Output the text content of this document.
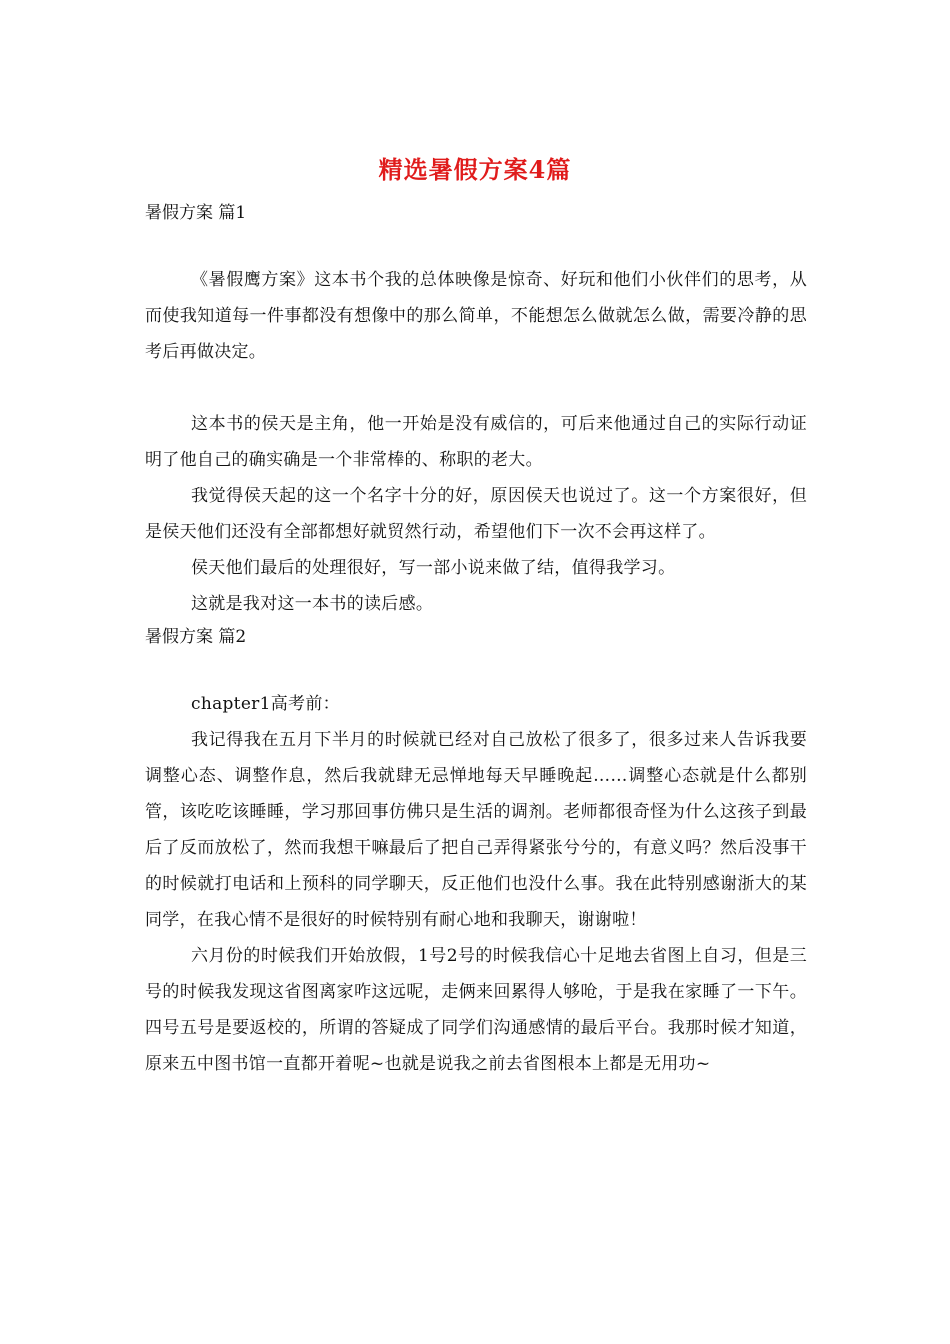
精选暑假方案4篇
暑假方案 篇1

《暑假鹰方案》这本书个我的总体映像是惊奇、好玩和他们小伙伴们的思考，从而使我知道每一件事都没有想像中的那么简单，不能想怎么做就怎么做，需要冷静的思考后再做决定。

这本书的侯天是主角，他一开始是没有威信的，可后来他通过自己的实际行动证明了他自己的确实确是一个非常棒的、称职的老大。

我觉得侯天起的这一个名字十分的好，原因侯天也说过了。这一个方案很好，但是侯天他们还没有全部都想好就贸然行动，希望他们下一次不会再这样了。

侯天他们最后的处理很好，写一部小说来做了结，值得我学习。

这就是我对这一本书的读后感。

暑假方案 篇2

chapter1高考前：

我记得我在五月下半月的时候就已经对自己放松了很多了，很多过来人告诉我要调整心态、调整作息，然后我就肆无忌惮地每天早睡晚起……调整心态就是什么都别管，该吃吃该睡睡，学习那回事仿佛只是生活的调剂。老师都很奇怪为什么这孩子到最后了反而放松了，然而我想干嘛最后了把自己弄得紧张兮兮的，有意义吗？然后没事干的时候就打电话和上预科的同学聊天，反正他们也没什么事。我在此特别感谢浙大的某同学，在我心情不是很好的时候特别有耐心地和我聊天，谢谢啦！

六月份的时候我们开始放假，1号2号的时候我信心十足地去省图上自习，但是三号的时候我发现这省图离家咋这远呢，走俩来回累得人够呛，于是我在家睡了一下午。四号五号是要返校的，所谓的答疑成了同学们沟通感情的最后平台。我那时候才知道，原来五中图书馆一直都开着呢~也就是说我之前去省图根本上都是无用功~
